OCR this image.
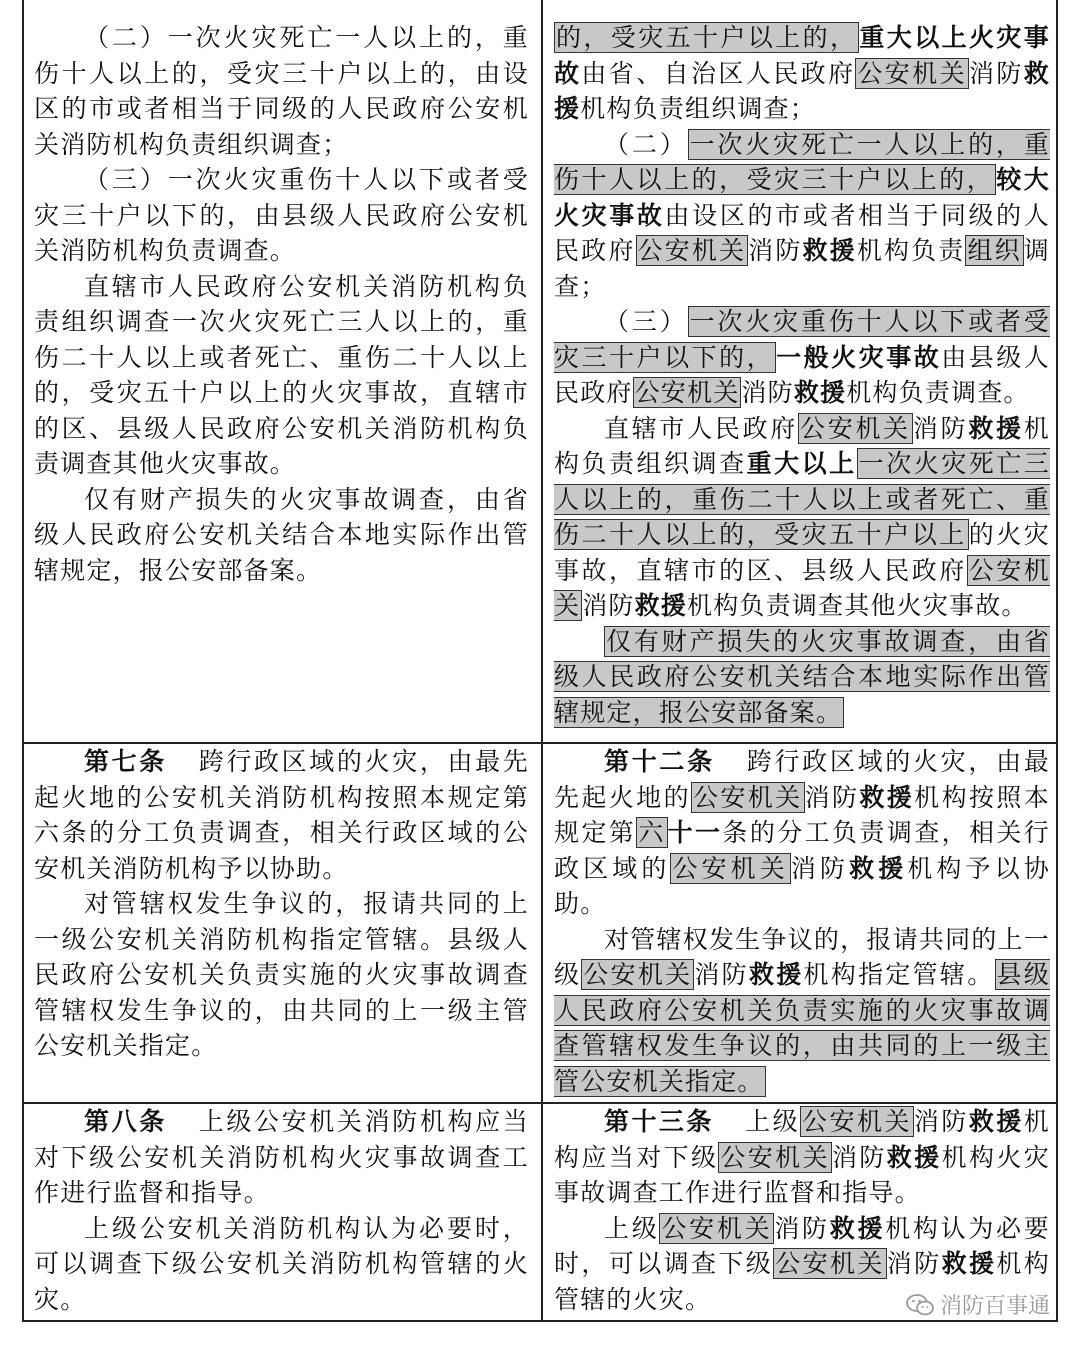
（二）一次火灾死亡一人以上的，重伤十人以上的，受灾三十户以上的，由设区的市或者相当于同级的人民政府公安机关消防机构负责组织调查；

（三）一次火灾重伤十人以下或者受灾三十户以下的，由县级人民政府公安机关消防机构负责调查。

直辖市人民政府公安机关消防机构负责组织调查一次火灾死亡三人以上的，重伤二十人以上或者死亡、重伤二十人以上的，受灾五十户以上的火灾事故，直辖市的区、县级人民政府公安机关消防机构负责调查其他火灾事故。

仅有财产损失的火灾事故调查，由省级人民政府公安机关结合本地实际作出管辖规定，报公安部备案。

的，受灾五十户以上的，重大以上火灾事故由省、自治区人民政府公安机关消防救援机构负责组织调查；

（二）一次火灾死亡一人以上的，重伤十人以上的，受灾三十户以上的，较大火灾事故由设区的市或者相当于同级的人民政府公安机关消防救援机构负责组织调查；

（三）一次火灾重伤十人以下或者受灾三十户以下的，一般火灾事故由县级人民政府公安机关消防救援机构负责调查。

直辖市人民政府公安机关消防救援机构负责组织调查重大以上一次火灾死亡三人以上的，重伤二十人以上或者死亡、重伤二十人以上的，受灾五十户以上的火灾事故，直辖市的区、县级人民政府公安机关消防救援机构负责调查其他火灾事故。

仅有财产损失的火灾事故调查，由省级人民政府公安机关结合本地实际作出管辖规定，报公安部备案。

第七条 跨行政区域的火灾，由最先起火地的公安机关消防机构按照本规定第六条的分工负责调查，相关行政区域的公安机关消防机构予以协助。

对管辖权发生争议的，报请共同的上一级公安机关消防机构指定管辖。县级人民政府公安机关负责实施的火灾事故调查管辖权发生争议的，由共同的上一级主管公安机关指定。

第十二条 跨行政区域的火灾，由最先起火地的公安机关消防救援机构按照本规定第六十一条的分工负责调查，相关行政区域的公安机关消防救援机构予以协助。

对管辖权发生争议的，报请共同的上一级公安机关消防救援机构指定管辖。县级人民政府公安机关负责实施的火灾事故调查管辖权发生争议的，由共同的上一级主管公安机关指定。

第八条 上级公安机关消防机构应当对下级公安机关消防机构火灾事故调查工作进行监督和指导。

上级公安机关消防机构认为必要时，可以调查下级公安机关消防机构管辖的火灾。

第十三条 上级公安机关消防救援机构应当对下级公安机关消防救援机构火灾事故调查工作进行监督和指导。

上级公安机关消防救援机构认为必要时，可以调查下级公安机关消防救援机构管辖的火灾。	消防百事通
